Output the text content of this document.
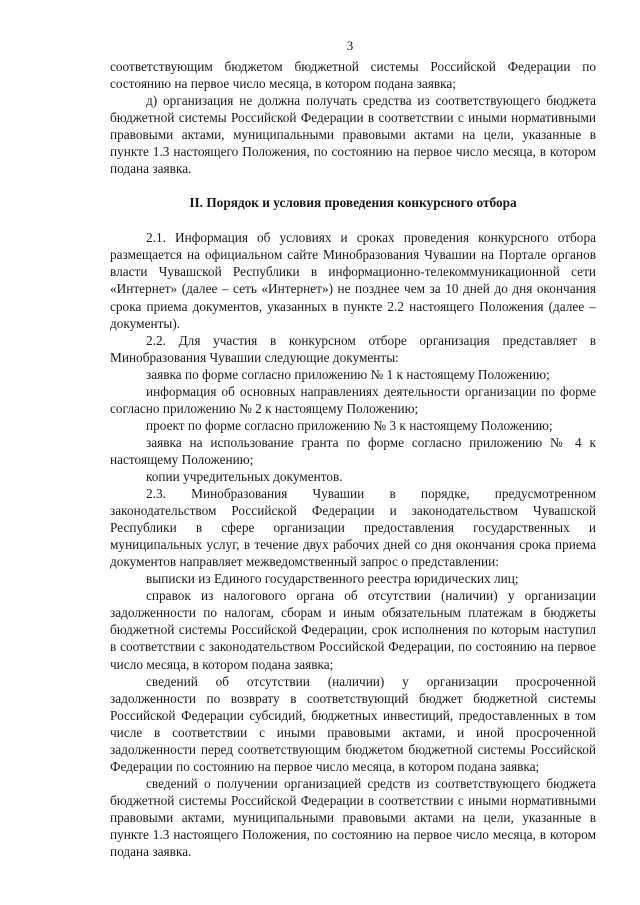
3

соответствующим бюджетом бюджетной системы Российской Федерации по состоянию на первое число месяца, в котором подана заявка;

д) организация не должна получать средства из соответствующего бюджета бюджетной системы Российской Федерации в соответствии с иными нормативными правовыми актами, муниципальными правовыми актами на цели, указанные в пункте 1.3 настоящего Положения, по состоянию на первое число месяца, в котором подана заявка.

II. Порядок и условия проведения конкурсного отбора

2.1. Информация об условиях и сроках проведения конкурсного отбора размещается на официальном сайте Минобразования Чувашии на Портале органов власти Чувашской Республики в информационно-телекоммуникационной сети «Интернет» (далее – сеть «Интернет») не позднее чем за 10 дней до дня окончания срока приема документов, указанных в пункте 2.2 настоящего Положения (далее – документы).

2.2. Для участия в конкурсном отборе организация представляет в Минобразования Чувашии следующие документы:

заявка по форме согласно приложению № 1 к настоящему Положению;

информация об основных направлениях деятельности организации по форме согласно приложению № 2 к настоящему Положению;

проект по форме согласно приложению № 3 к настоящему Положению;

заявка на использование гранта по форме согласно приложению № 4 к настоящему Положению;

копии учредительных документов.

2.3. Минобразования Чувашии в порядке, предусмотренном законодательством Российской Федерации и законодательством Чувашской Республики в сфере организации предоставления государственных и муниципальных услуг, в течение двух рабочих дней со дня окончания срока приема документов направляет межведомственный запрос о представлении:

выписки из Единого государственного реестра юридических лиц;

справок из налогового органа об отсутствии (наличии) у организации задолженности по налогам, сборам и иным обязательным платежам в бюджеты бюджетной системы Российской Федерации, срок исполнения по которым наступил в соответствии с законодательством Российской Федерации, по состоянию на первое число месяца, в котором подана заявка;

сведений об отсутствии (наличии) у организации просроченной задолженности по возврату в соответствующий бюджет бюджетной системы Российской Федерации субсидий, бюджетных инвестиций, предоставленных в том числе в соответствии с иными правовыми актами, и иной просроченной задолженности перед соответствующим бюджетом бюджетной системы Российской Федерации по состоянию на первое число месяца, в котором подана заявка;

сведений о получении организацией средств из соответствующего бюджета бюджетной системы Российской Федерации в соответствии с иными нормативными правовыми актами, муниципальными правовыми актами на цели, указанные в пункте 1.3 настоящего Положения, по состоянию на первое число месяца, в котором подана заявка.
